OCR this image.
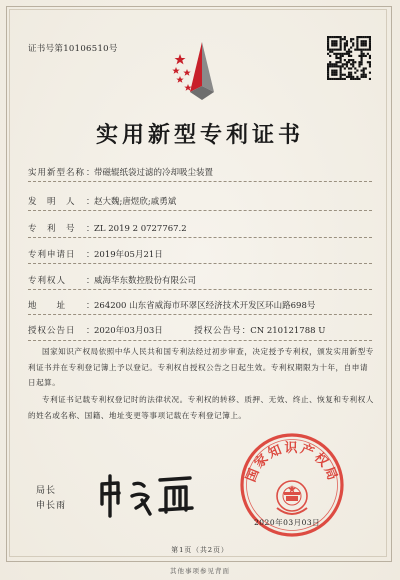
证书号第10106510号
实用新型专利证书
实用新型名称：带磁辊纸袋过滤的冷却吸尘装置
发　明　人 ：赵大魏;唐煜欣;戚勇斌
专　利　号 ：ZL 2019 2 0727767.2
专利申请日 ：2019年05月21日
专利权人 ：威海华东数控股份有限公司
地　　址 ：264200 山东省威海市环翠区经济技术开发区环山路698号
授权公告日 ：2020年03月03日	授权公告号：CN 210121788 U
国家知识产权局依照中华人民共和国专利法经过初步审查，决定授予专利权，颁发实用新型专利证书并在专利登记簿上予以登记。专利权自授权公告之日起生效。专利权期限为十年，自申请日起算。
专利证书记载专利权登记时的法律状况。专利权的转移、质押、无效、终止、恢复和专利权人的姓名或名称、国籍、地址变更等事项记载在专利登记簿上。
局长
申长雨
国家知识产权局
2020年03月03日
第1页（共2页）
其他事项参见背面
